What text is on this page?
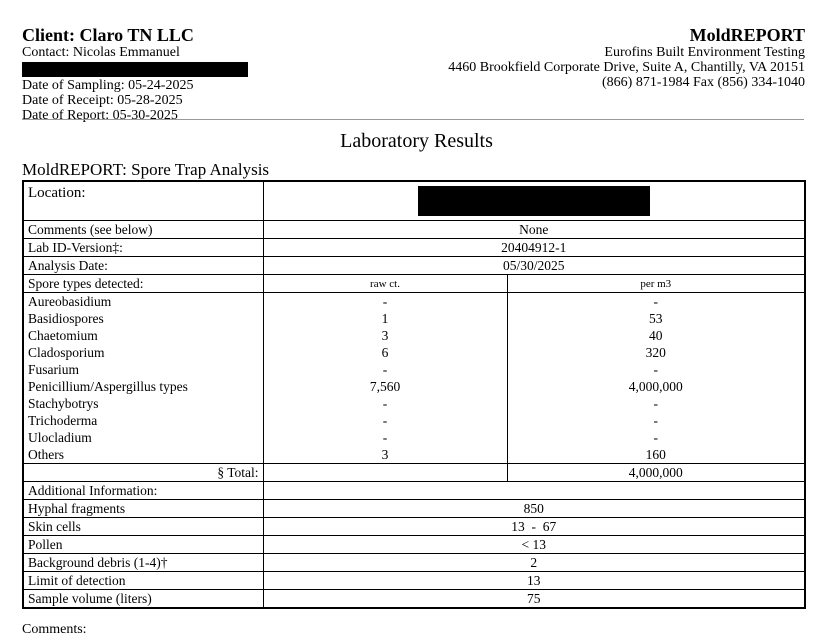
Client: Claro TN LLC
Contact: Nicolas Emmanuel
Date of Sampling: 05-24-2025
Date of Receipt: 05-28-2025
Date of Report: 05-30-2025
MoldREPORT
Eurofins Built Environment Testing
4460 Brookfield Corporate Drive, Suite A, Chantilly, VA 20151
(866) 871-1984 Fax (856) 334-1040
Laboratory Results
MoldREPORT: Spore Trap Analysis
Location:		
Comments (see below)	None	
Lab ID-Version‡:	20404912-1	
Analysis Date:	05/30/2025	
Spore types detected:	raw ct.	per m3
Aureobasidium	-	-
Basidiospores	1	53
Chaetomium	3	40
Cladosporium	6	320
Fusarium	-	-
Penicillium/Aspergillus types	7,560	4,000,000
Stachybotrys	-	-
Trichoderma	-	-
Ulocladium	-	-
Others	3	160
§ Total:		4,000,000
Additional Information:		
Hyphal fragments	850	
Skin cells	13  -  67	
Pollen	< 13	
Background debris (1-4)†	2	
Limit of detection	13	
Sample volume (liters)	75	
Comments:
